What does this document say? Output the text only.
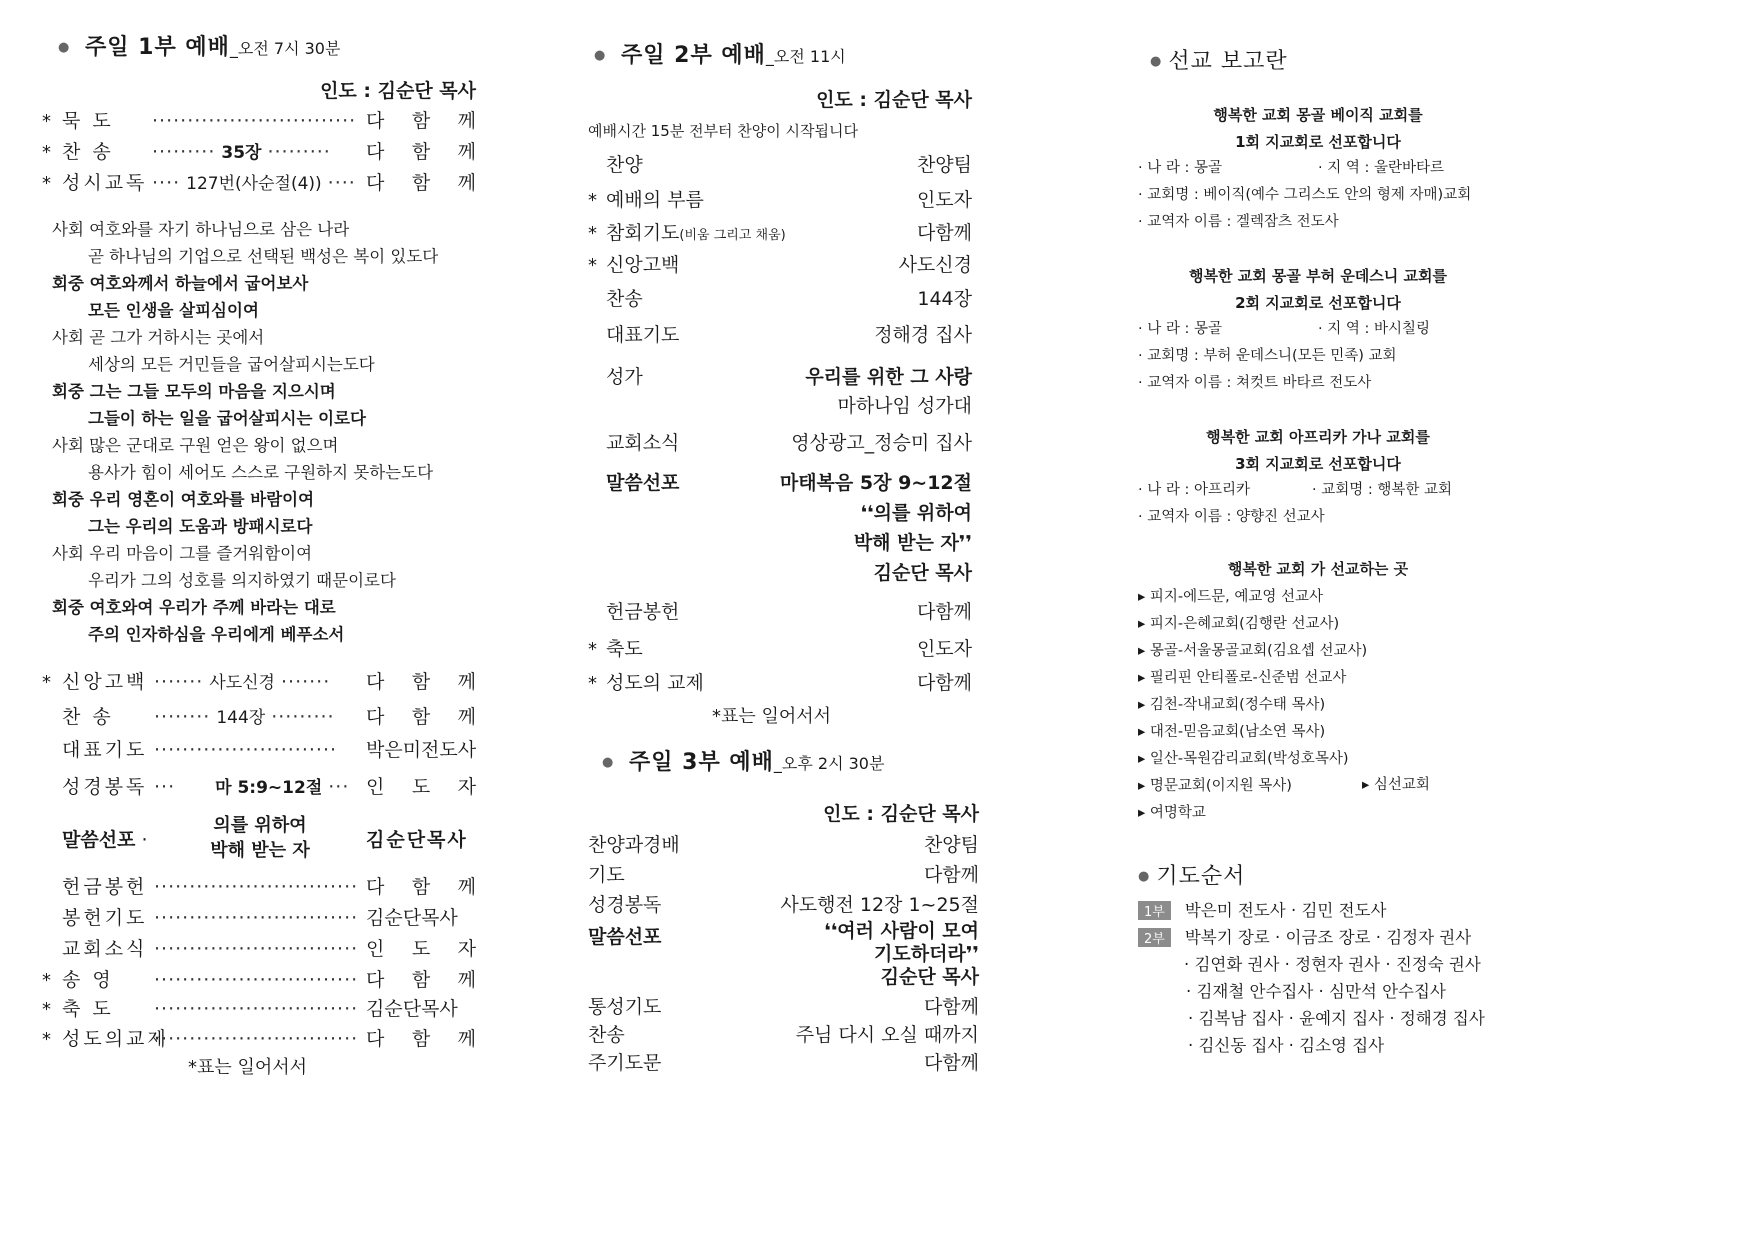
● 주일 1부 예배_오전 7시 30분
인도 : 김순단 목사
* 묵 도 ····························· 다 함 께
* 찬 송 ········· 35장 ········· 다 함 께
* 성시교독 ···· 127번(사순절(4)) ···· 다 함 께
사회 여호와를 자기 하나님으로 삼은 나라
곧 하나님의 기업으로 선택된 백성은 복이 있도다
회중 여호와께서 하늘에서 굽어보사
모든 인생을 살피심이여
사회 곧 그가 거하시는 곳에서
세상의 모든 거민들을 굽어살피시는도다
회중 그는 그들 모두의 마음을 지으시며
그들이 하는 일을 굽어살피시는 이로다
사회 많은 군대로 구원 얻은 왕이 없으며
용사가 힘이 세어도 스스로 구원하지 못하는도다
회중 우리 영혼이 여호와를 바람이여
그는 우리의 도움과 방패시로다
사회 우리 마음이 그를 즐거워함이여
우리가 그의 성호를 의지하였기 때문이로다
회중 여호와여 우리가 주께 바라는 대로
주의 인자하심을 우리에게 베푸소서
* 신앙고백 ······· 사도신경 ······· 다 함 께
찬 송 ········ 144장 ········· 다 함 께
대표기도 ·························· 박은미전도사
성경봉독 ··· 마 5:9~12절 ··· 인 도 자
말씀선포 ·
의를 위하여
박해 받는 자	김순단목사
헌금봉헌 ····························· 다 함 께
봉헌기도 ····························· 김순단목사
교회소식 ····························· 인 도 자
* 송 영 ····························· 다 함 께
* 축 도 ····························· 김순단목사
* 성도의교제····························· 다 함 께
*표는 일어서서
● 주일 2부 예배_오전 11시
인도 : 김순단 목사
예배시간 15분 전부터 찬양이 시작됩니다
찬양	찬양팀
* 예배의 부름	인도자
* 참회기도(비움 그리고 채움)	다함께
* 신앙고백	사도신경
찬송	144장
대표기도	정해경 집사
성가	우리를 위한 그 사랑
마하나임 성가대
교회소식	영상광고_정승미 집사
말씀선포	마태복음 5장 9~12절
❛❛의를 위하여
박해 받는 자❜❜
김순단 목사
헌금봉헌	다함께
* 축도	인도자
* 성도의 교제	다함께
*표는 일어서서
● 주일 3부 예배_오후 2시 30분
인도 : 김순단 목사
찬양과경배	찬양팀
기도	다함께
성경봉독	사도행전 12장 1~25절
말씀선포	❛❛여러 사람이 모여
기도하더라❜❜
김순단 목사
통성기도	다함께
찬송	주님 다시 오실 때까지
주기도문	다함께
● 선교 보고란
행복한 교회 몽골 베이직 교회를
1회 지교회로 선포합니다
· 나 라 : 몽골	· 지 역 : 울란바타르
· 교회명 : 베이직(예수 그리스도 안의 형제 자매)교회
· 교역자 이름 : 겔렉잠츠 전도사
행복한 교회 몽골 부허 운데스니 교회를
2회 지교회로 선포합니다
· 나 라 : 몽골	· 지 역 : 바시칠링
· 교회명 : 부허 운데스니(모든 민족) 교회
· 교역자 이름 : 쳐컷트 바타르 전도사
행복한 교회 아프리카 가나 교회를
3회 지교회로 선포합니다
· 나 라 : 아프리카	· 교회명 : 행복한 교회
· 교역자 이름 : 양향진 선교사
행복한 교회 가 선교하는 곳
▸ 피지-에드문, 예교영 선교사
▸ 피지-은혜교회(김행란 선교사)
▸ 몽골-서울몽골교회(김요셉 선교사)
▸ 필리핀 안티폴로-신준범 선교사
▸ 김천-작내교회(정수태 목사)
▸ 대전-믿음교회(남소연 목사)
▸ 일산-목원감리교회(박성호목사)
▸ 명문교회(이지원 목사)
▸ 여명학교
▸ 심선교회
● 기도순서
1부 박은미 전도사 · 김민 전도사
2부 박복기 장로 · 이금조 장로 · 김정자 권사
· 김연화 권사 · 정현자 권사 · 진정숙 권사
· 김재철 안수집사 · 심만석 안수집사
· 김복남 집사 · 윤예지 집사 · 정해경 집사
· 김신동 집사 · 김소영 집사
